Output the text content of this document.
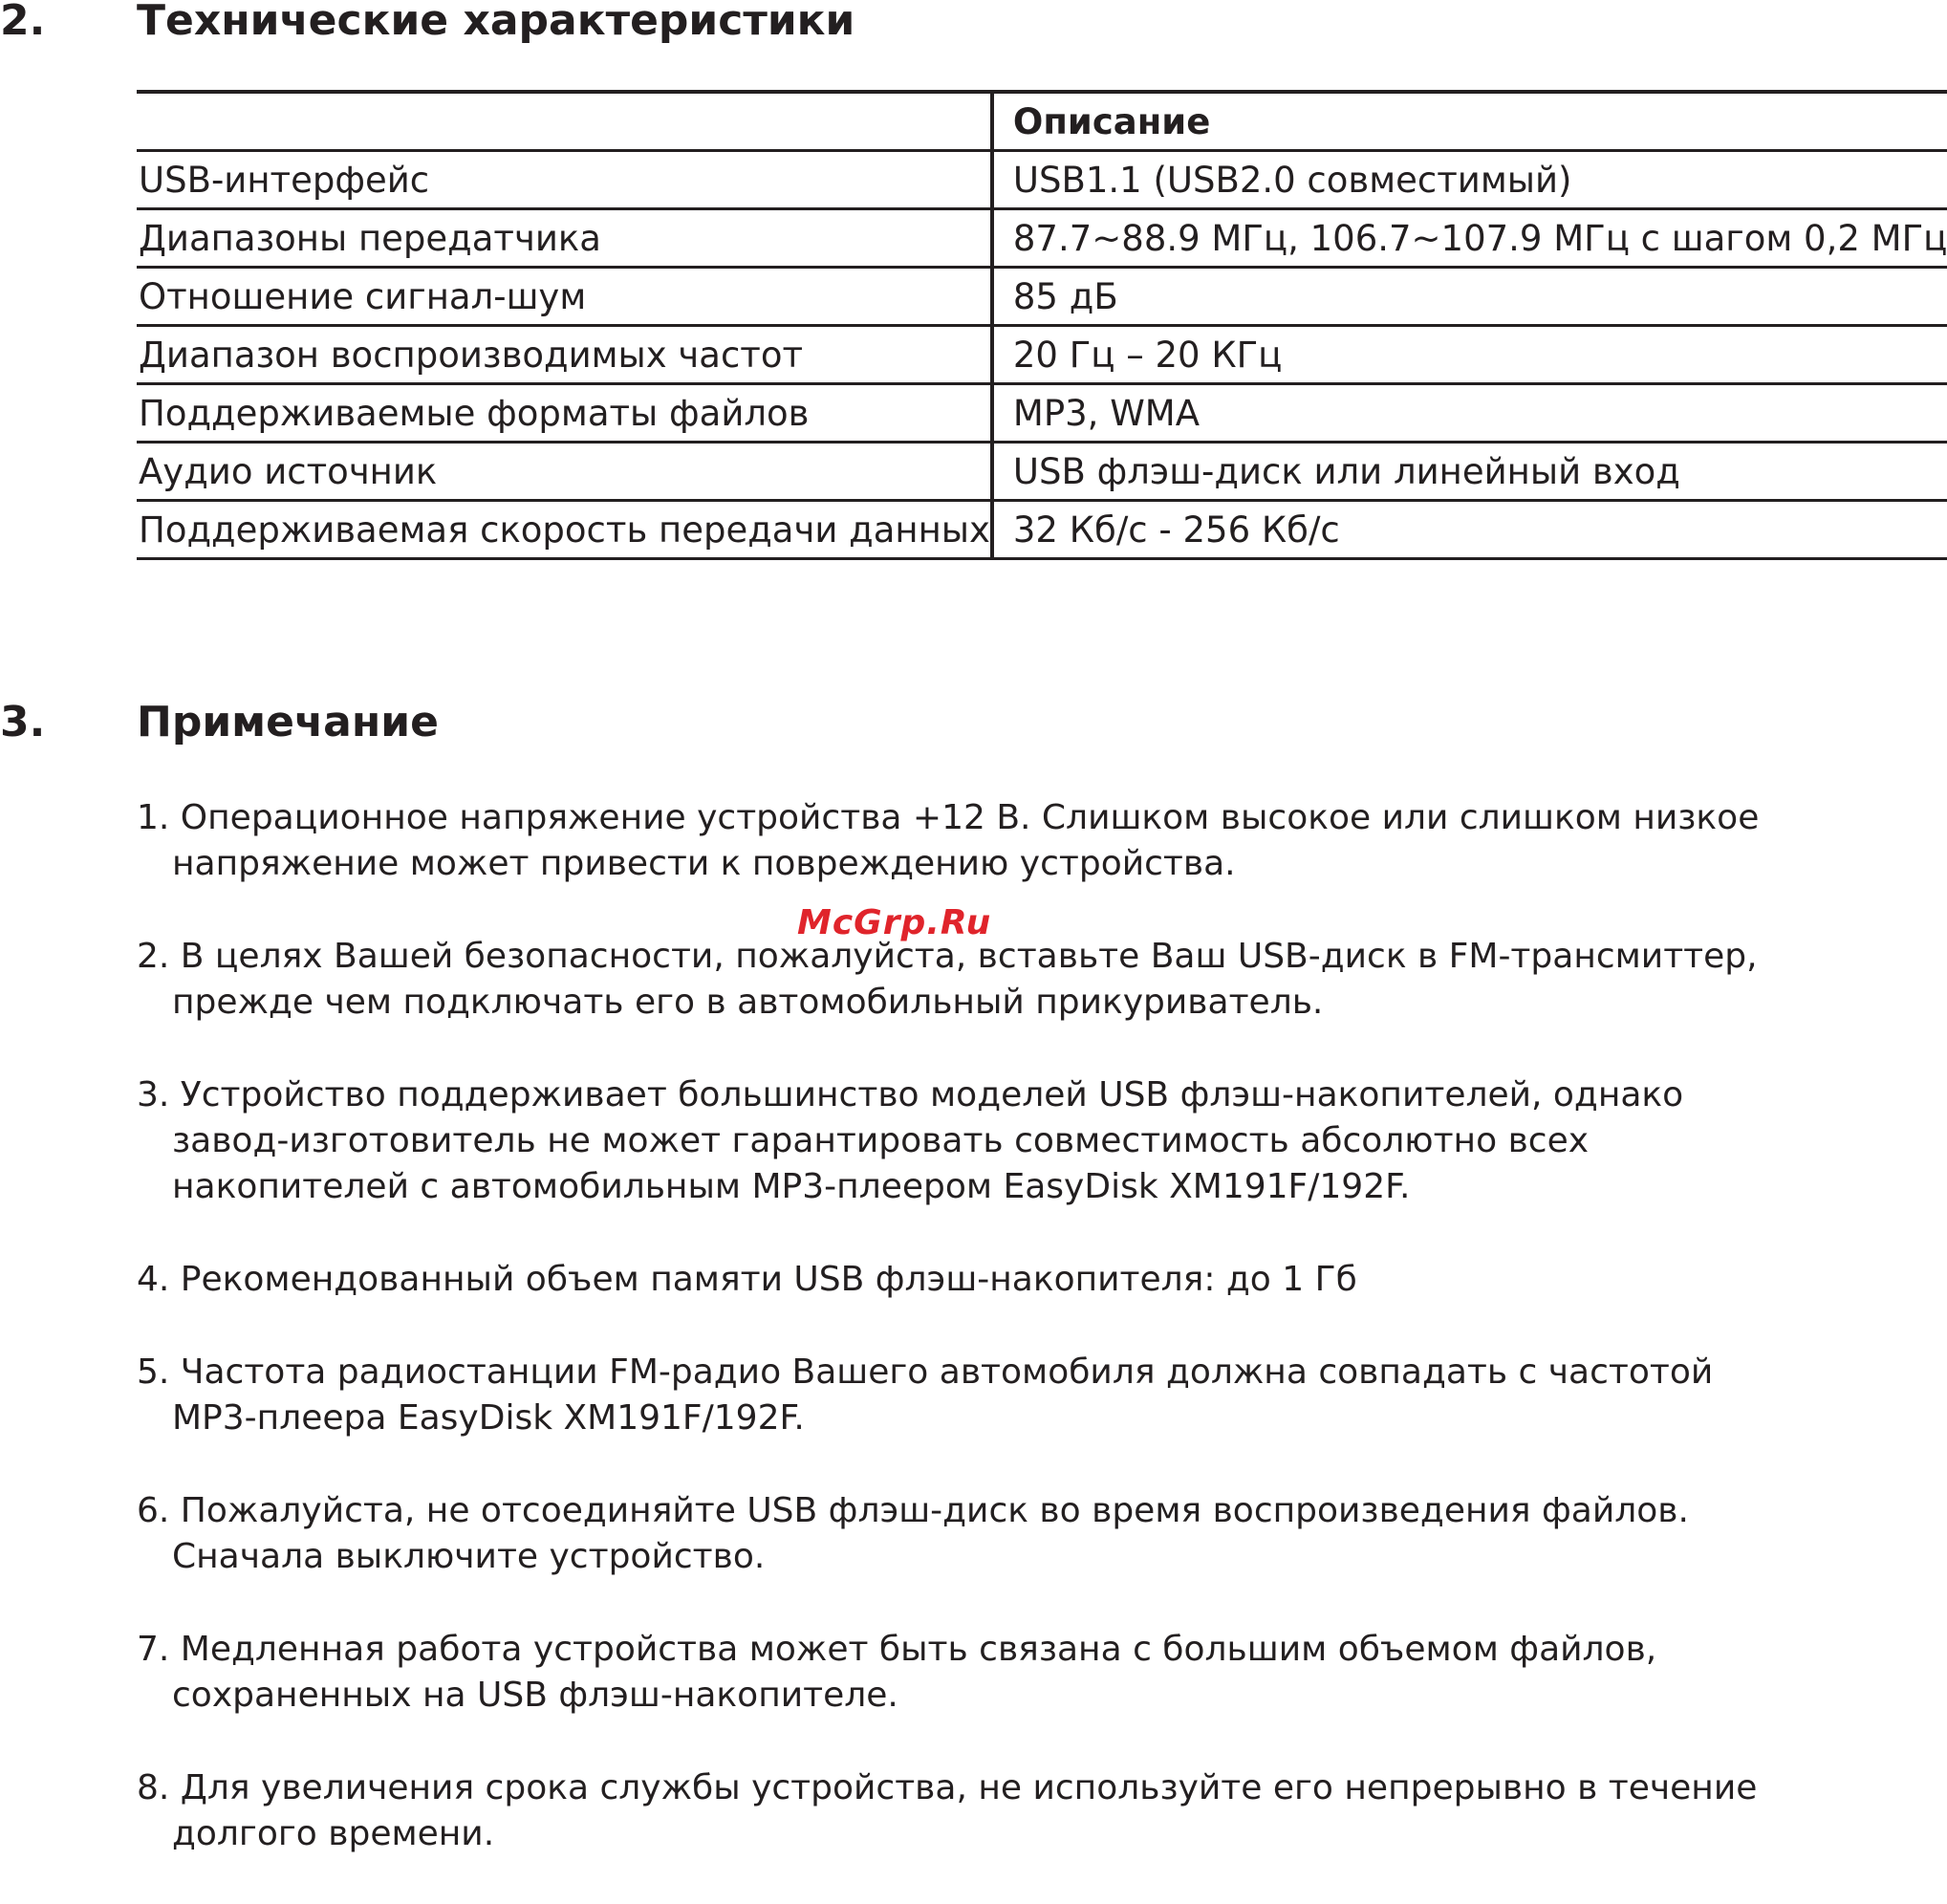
2. Технические характеристики
	Описание
USB-интерфейс	USB1.1 (USB2.0 совместимый)
Диапазоны передатчика	87.7~88.9 МГц, 106.7~107.9 МГц с шагом 0,2 МГц
Отношение сигнал-шум	85 дБ
Диапазон воспроизводимых частот	20 Гц – 20 КГц
Поддерживаемые форматы файлов	MP3, WMA
Аудио источник	USB флэш-диск или линейный вход
Поддерживаемая скорость передачи данных	32 Кб/с - 256 Кб/с
3. Примечание
1. Операционное напряжение устройства +12 В. Слишком высокое или слишком низкое напряжение может привести к повреждению устройства.
2. В целях Вашей безопасности, пожалуйста, вставьте Ваш USB-диск в FM-трансмиттер, прежде чем подключать его в автомобильный прикуриватель.
3. Устройство поддерживает большинство моделей USB флэш-накопителей, однако завод-изготовитель не может гарантировать совместимость абсолютно всех накопителей с автомобильным MP3-плеером EasyDisk XM191F/192F.
4. Рекомендованный объем памяти USB флэш-накопителя: до 1 Гб
5. Частота радиостанции FM-радио Вашего автомобиля должна совпадать с частотой MP3-плеера EasyDisk XM191F/192F.
6. Пожалуйста, не отсоединяйте USB флэш-диск во время воспроизведения файлов. Сначала выключите устройство.
7. Медленная работа устройства может быть связана с большим объемом файлов, сохраненных на USB флэш-накопителе.
8. Для увеличения срока службы устройства, не используйте его непрерывно в течение долгого времени.
McGrp.Ru
